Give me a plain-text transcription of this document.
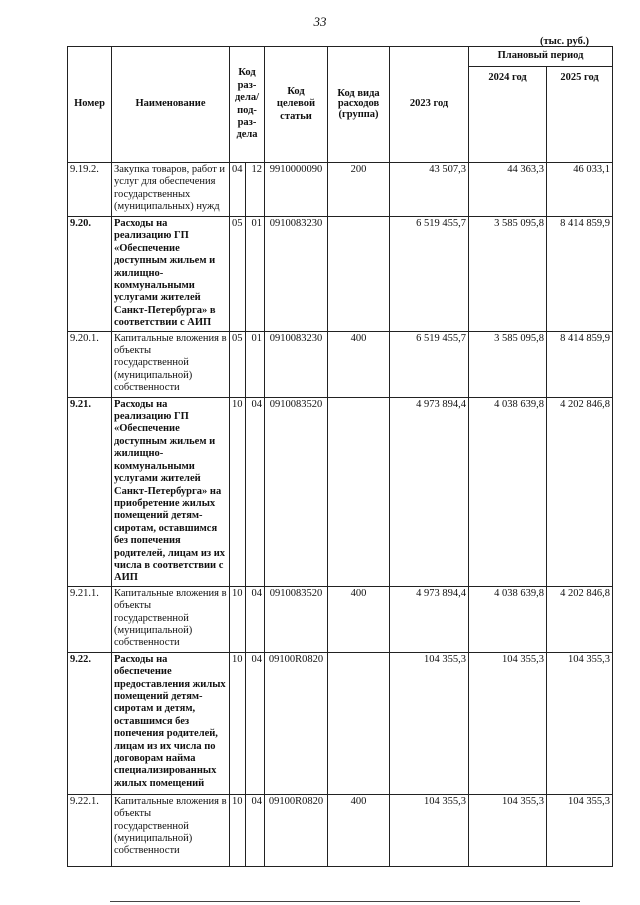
33
(тыс. руб.)
Номер	Наименование	Код раз-дела/ под-раз-дела		Код целевой статьи	Код вида расходов (группа)	2023 год	Плановый период	
							2024 год	2025 год
9.19.2.	Закупка товаров, работ и услуг для обеспечения государственных (муниципальных) нужд	04	12	9910000090	200	43 507,3	44 363,3	46 033,1
9.20.	Расходы на реализацию ГП «Обеспечение доступным жильем и жилищно-коммунальными услугами жителей Санкт-Петербурга» в соответствии с АИП	05	01	0910083230		6 519 455,7	3 585 095,8	8 414 859,9
9.20.1.	Капитальные вложения в объекты государственной (муниципальной) собственности	05	01	0910083230	400	6 519 455,7	3 585 095,8	8 414 859,9
9.21.	Расходы на реализацию ГП «Обеспечение доступным жильем и жилищно-коммунальными услугами жителей Санкт-Петербурга» на приобретение жилых помещений детям-сиротам, оставшимся без попечения родителей, лицам из их числа в соответствии с АИП	10	04	0910083520		4 973 894,4	4 038 639,8	4 202 846,8
9.21.1.	Капитальные вложения в объекты государственной (муниципальной) собственности	10	04	0910083520	400	4 973 894,4	4 038 639,8	4 202 846,8
9.22.	Расходы на обеспечение предоставления жилых помещений детям-сиротам и детям, оставшимся без попечения родителей, лицам из их числа по договорам найма специализированных жилых помещений	10	04	09100R0820		104 355,3	104 355,3	104 355,3
9.22.1.	Капитальные вложения в объекты государственной (муниципальной) собственности	10	04	09100R0820	400	104 355,3	104 355,3	104 355,3
